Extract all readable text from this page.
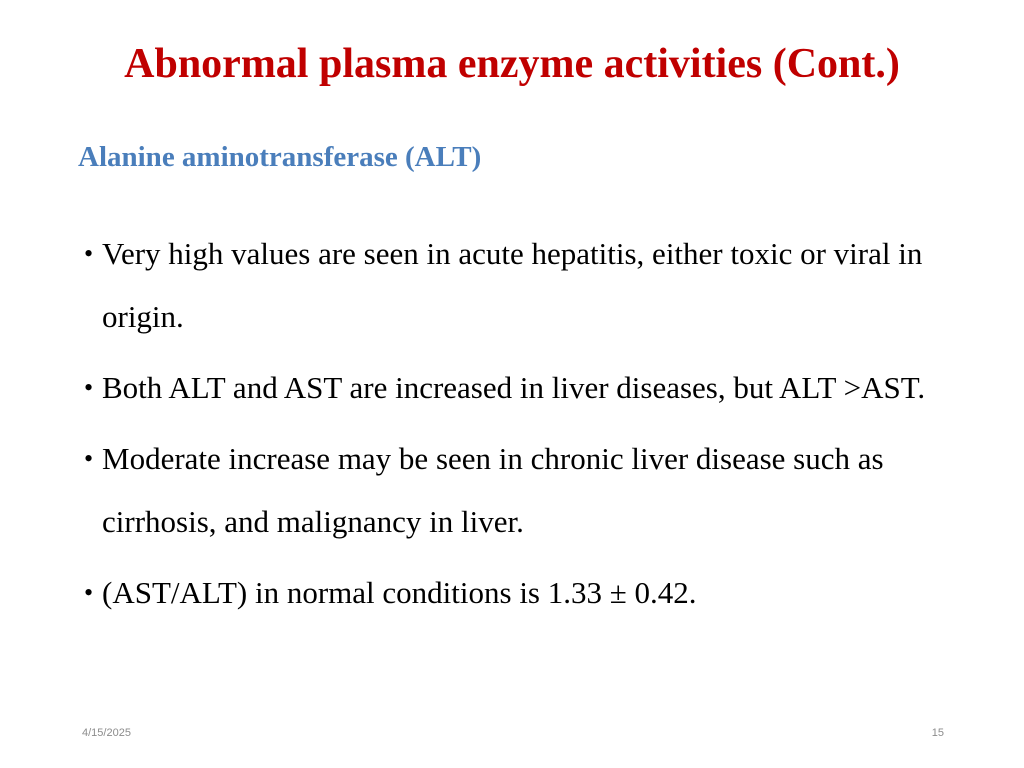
Abnormal plasma enzyme activities (Cont.)
Alanine aminotransferase (ALT)
• Very high values are seen in acute hepatitis, either toxic or viral in origin.
• Both ALT and AST are increased in liver diseases, but ALT >AST.
• Moderate increase may be seen in chronic liver disease such as cirrhosis, and malignancy in liver.
• (AST/ALT) in normal conditions is 1.33 ± 0.42.
4/15/2025	15
